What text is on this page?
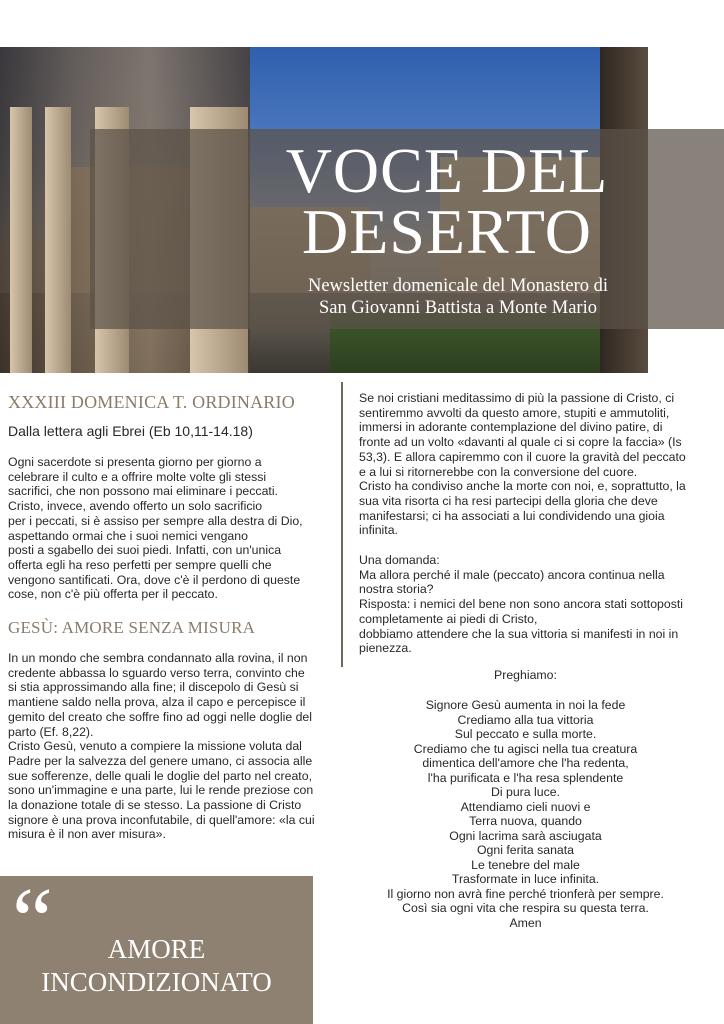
VOCE DEL
DESERTO

Newsletter domenicale del Monastero di
San Giovanni Battista a Monte Mario

XXXIII DOMENICA T. ORDINARIO

Dalla lettera agli Ebrei (Eb 10,11-14.18)

Ogni sacerdote si presenta giorno per giorno a

celebrare il culto e a offrire molte volte gli stessi

sacrifici, che non possono mai eliminare i peccati.

Cristo, invece, avendo offerto un solo sacrificio

per i peccati, si è assiso per sempre alla destra di Dio,

aspettando ormai che i suoi nemici vengano

posti a sgabello dei suoi piedi. Infatti, con un'unica

offerta egli ha reso perfetti per sempre quelli che

vengono santificati. Ora, dove c'è il perdono di queste

cose, non c'è più offerta per il peccato.

GESÙ: AMORE SENZA MISURA

In un mondo che sembra condannato alla rovina, il non

credente abbassa lo sguardo verso terra, convinto che

si stia approssimando alla fine; il discepolo di Gesù si

mantiene saldo nella prova, alza il capo e percepisce il

gemito del creato che soffre fino ad oggi nelle doglie del

parto (Ef. 8,22).

Cristo Gesù, venuto a compiere la missione voluta dal

Padre per la salvezza del genere umano, ci associa alle

sue sofferenze, delle quali le doglie del parto nel creato,

sono un'immagine e una parte, lui le rende preziose con

la donazione totale di se stesso. La passione di Cristo

signore è una prova inconfutabile, di quell'amore: «la cui

misura è il non aver misura».

Se noi cristiani meditassimo di più la passione di Cristo, ci

sentiremmo avvolti da questo amore, stupiti e ammutoliti,

immersi in adorante contemplazione del divino patire, di

fronte ad un volto «davanti al quale ci si copre la faccia» (Is

53,3). E allora capiremmo con il cuore la gravità del peccato

e a lui si ritornerebbe con la conversione del cuore.

Cristo ha condiviso anche la morte con noi, e, soprattutto, la

sua vita risorta ci ha resi partecipi della gloria che deve

manifestarsi; ci ha associati a lui condividendo una gioia

infinita.

Una domanda:

Ma allora perché il male (peccato) ancora continua nella

nostra storia?

Risposta: i nemici del bene non sono ancora stati sottoposti

completamente ai piedi di Cristo,

dobbiamo attendere che la sua vittoria si manifesti in noi in

pienezza.

Preghiamo:

Signore Gesù aumenta in noi la fede

Crediamo alla tua vittoria

Sul peccato e sulla morte.

Crediamo che tu agisci nella tua creatura

dimentica dell'amore che l'ha redenta,

l'ha purificata e l'ha resa splendente

Di pura luce.

Attendiamo cieli nuovi e

Terra nuova, quando

Ogni lacrima sarà asciugata

Ogni ferita sanata

Le tenebre del male

Trasformate in luce infinita.

Il giorno non avrà fine perché trionferà per sempre.

Così sia ogni vita che respira su questa terra.

Amen

“	AMORE
INCONDIZIONATO
